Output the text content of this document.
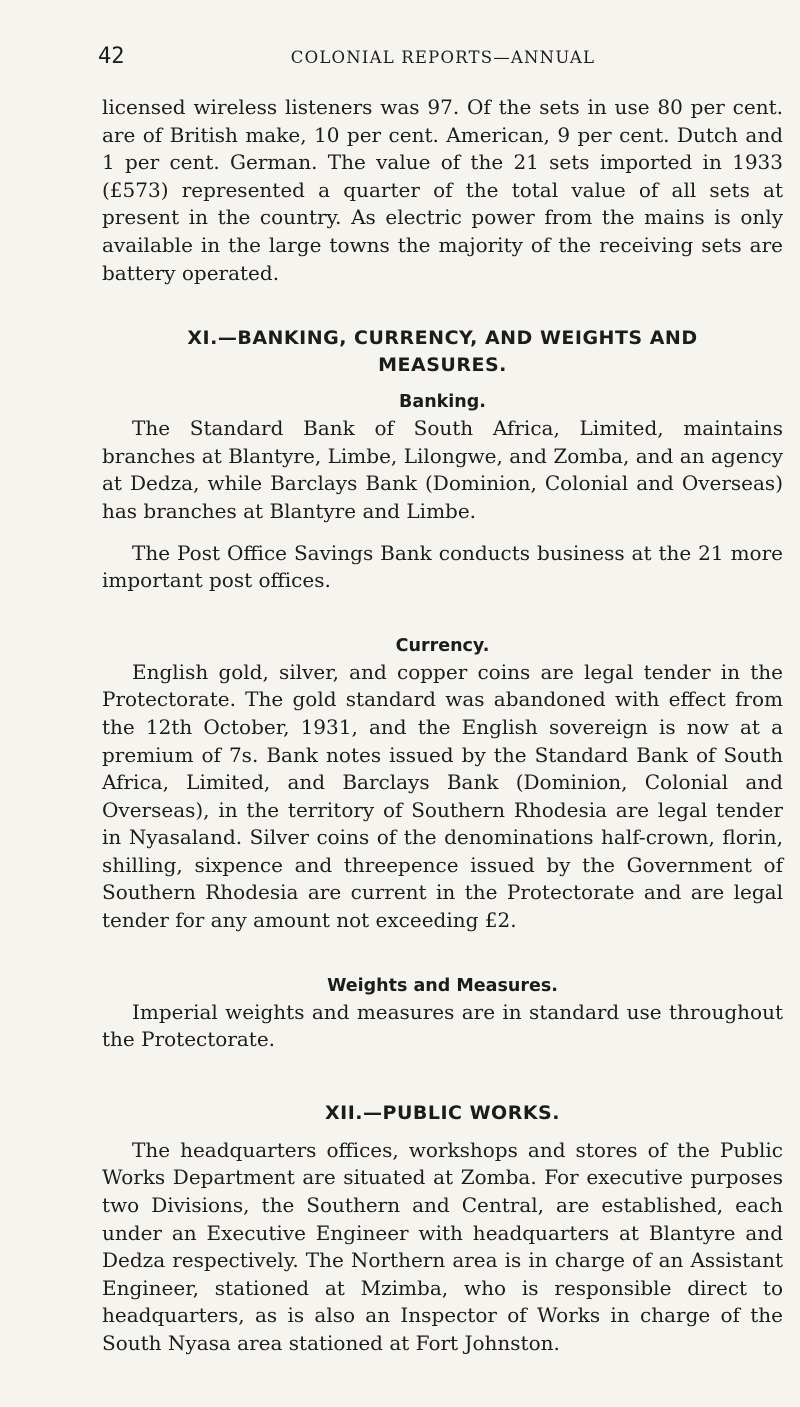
42	COLONIAL REPORTS—ANNUAL

licensed wireless listeners was 97. Of the sets in use 80 per cent. are of British make, 10 per cent. American, 9 per cent. Dutch and 1 per cent. German. The value of the 21 sets imported in 1933 (£573) represented a quarter of the total value of all sets at present in the country. As electric power from the mains is only available in the large towns the majority of the receiving sets are battery operated.

XI.—BANKING, CURRENCY, AND WEIGHTS AND
MEASURES.
Banking.

The Standard Bank of South Africa, Limited, maintains branches at Blantyre, Limbe, Lilongwe, and Zomba, and an agency at Dedza, while Barclays Bank (Dominion, Colonial and Overseas) has branches at Blantyre and Limbe.

The Post Office Savings Bank conducts business at the 21 more important post offices.

Currency.

English gold, silver, and copper coins are legal tender in the Protectorate. The gold standard was abandoned with effect from the 12th October, 1931, and the English sovereign is now at a premium of 7s. Bank notes issued by the Standard Bank of South Africa, Limited, and Barclays Bank (Dominion, Colonial and Overseas), in the territory of Southern Rhodesia are legal tender in Nyasaland. Silver coins of the denominations half-crown, florin, shilling, sixpence and threepence issued by the Government of Southern Rhodesia are current in the Protectorate and are legal tender for any amount not exceeding £2.

Weights and Measures.

Imperial weights and measures are in standard use throughout the Protectorate.

XII.—PUBLIC WORKS.

The headquarters offices, workshops and stores of the Public Works Department are situated at Zomba. For executive purposes two Divisions, the Southern and Central, are established, each under an Executive Engineer with headquarters at Blantyre and Dedza respectively. The Northern area is in charge of an Assistant Engineer, stationed at Mzimba, who is responsible direct to headquarters, as is also an Inspector of Works in charge of the South Nyasa area stationed at Fort Johnston.
